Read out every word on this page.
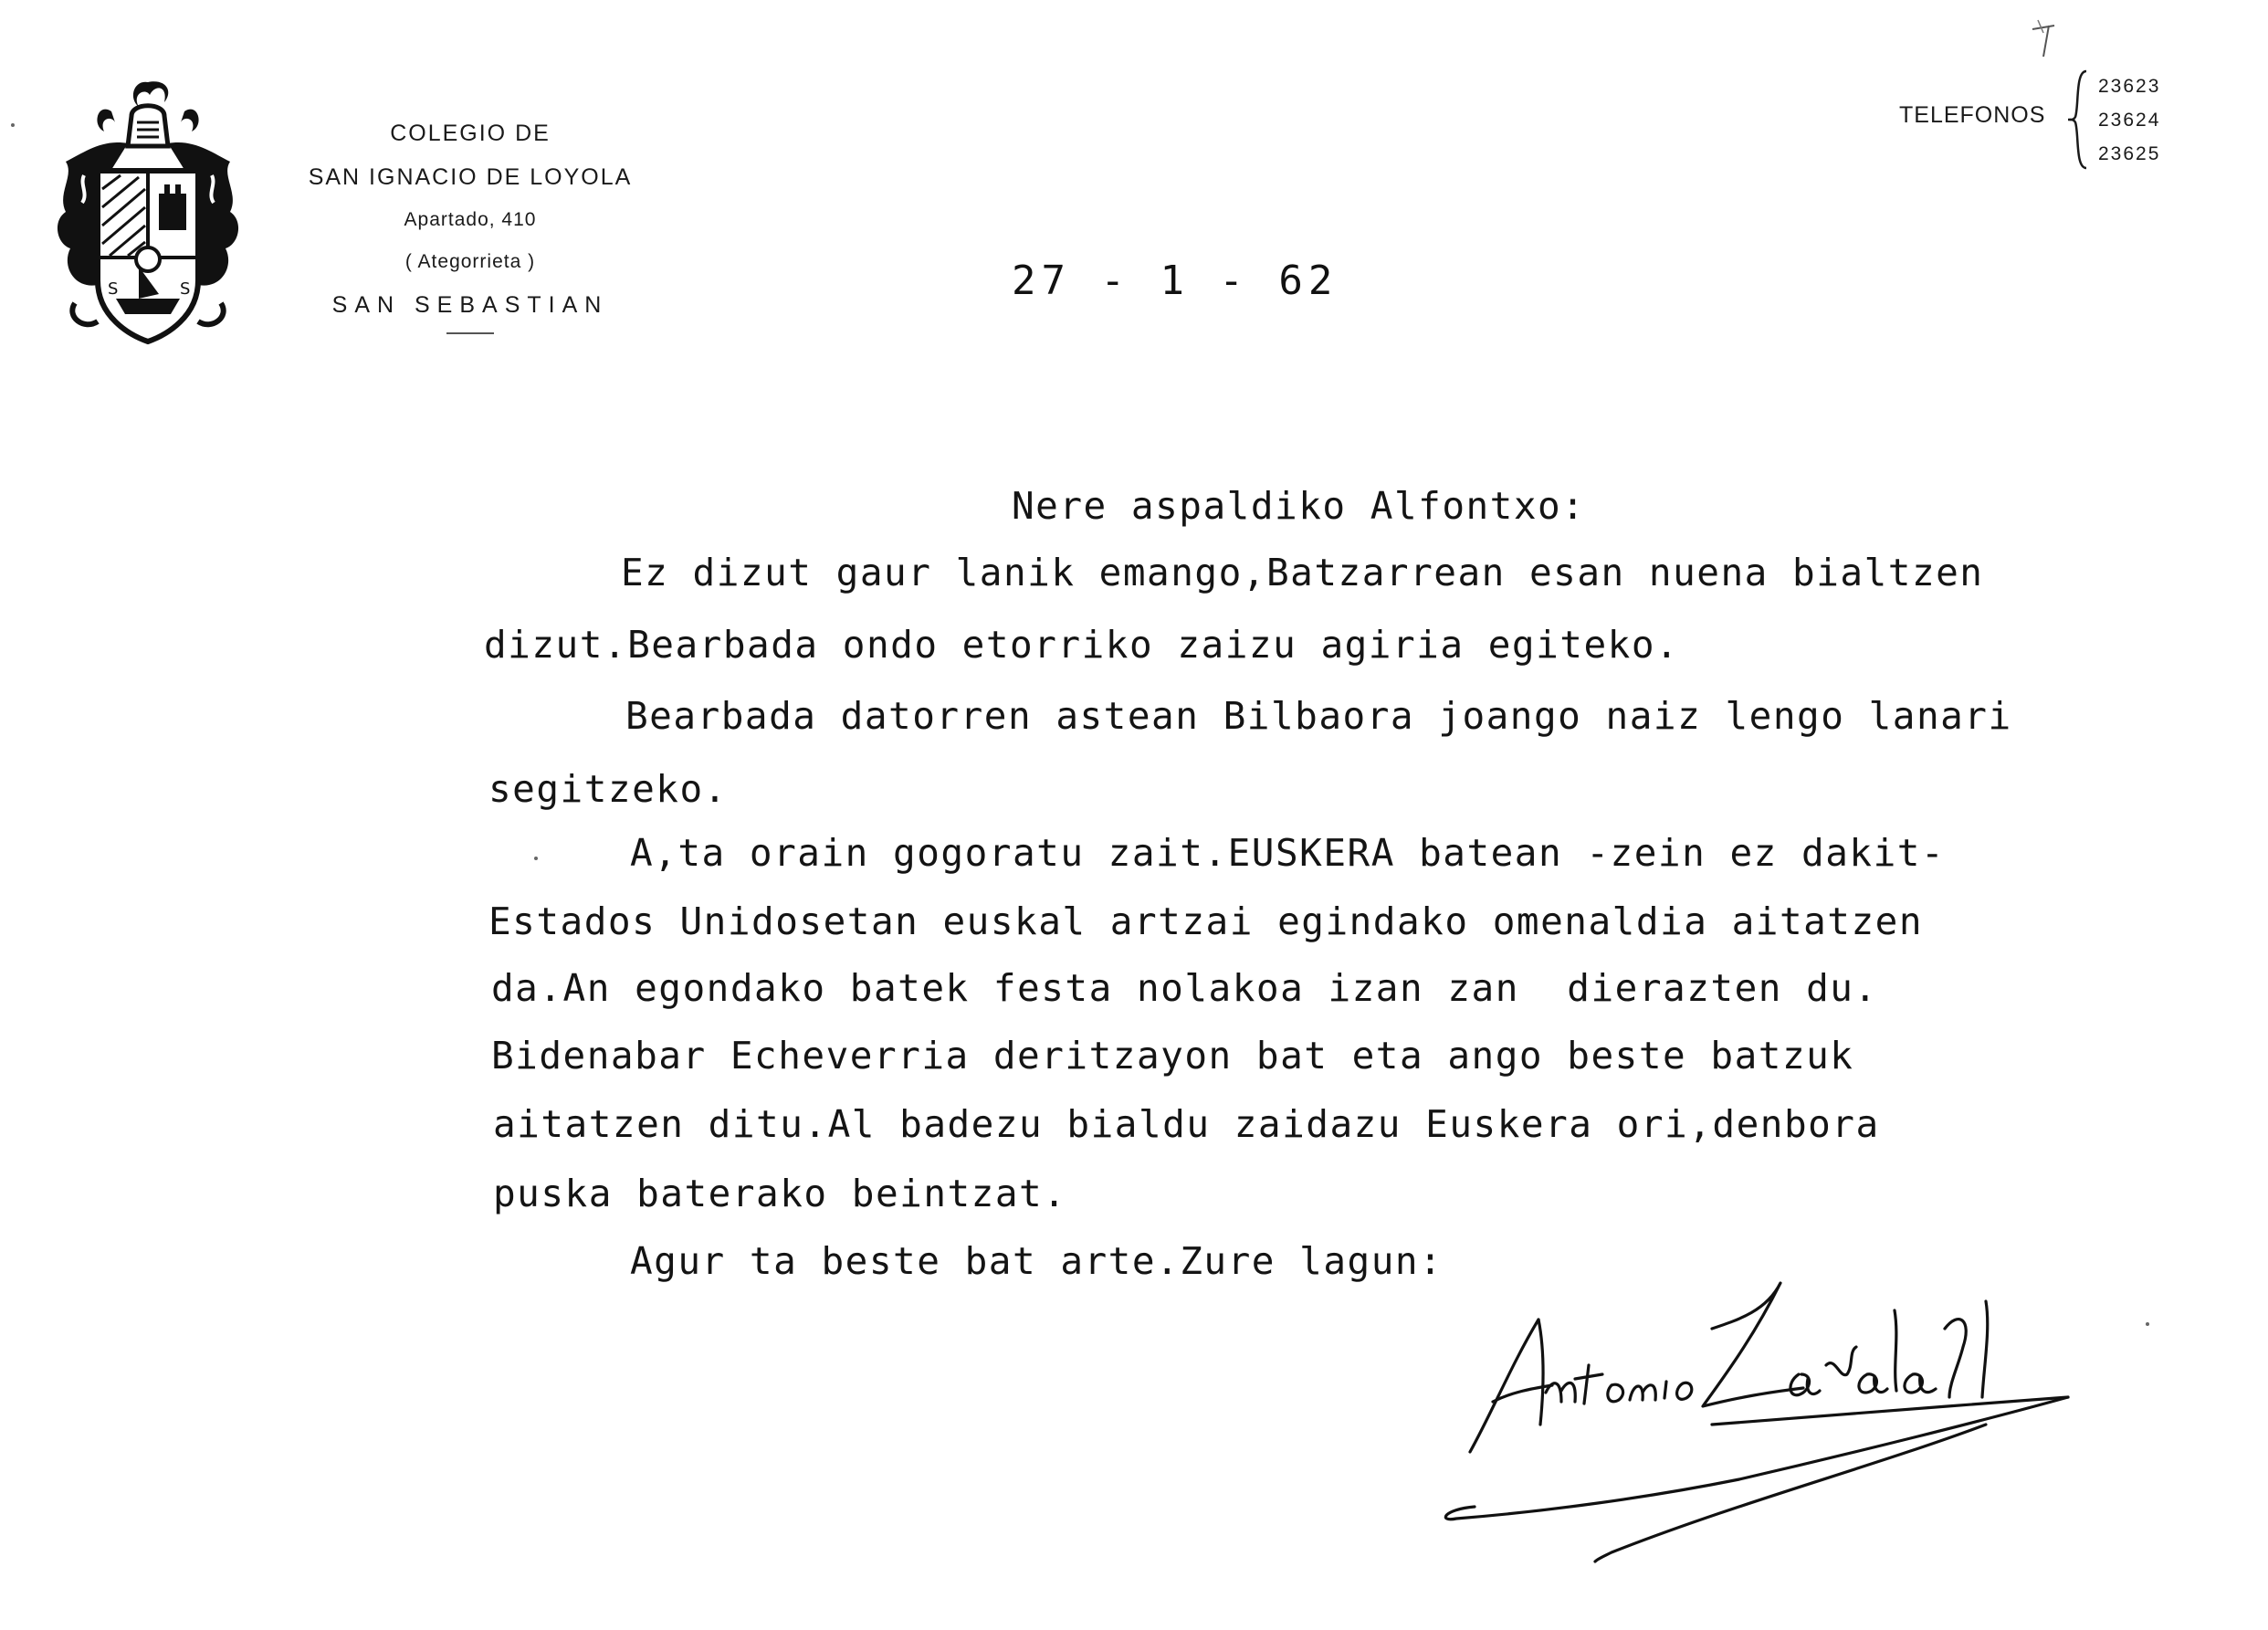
S	S
COLEGIO DE
SAN IGNACIO DE LOYOLA
Apartado, 410
( Ategorrieta )
SAN SEBASTIAN
TELEFONOS
23623
23624
23625
27 - 1 - 62
Nere aspaldiko Alfontxo:
Ez dizut gaur lanik emango,Batzarrean esan nuena bialtzen
dizut.Bearbada ondo etorriko zaizu agiria egiteko.
Bearbada datorren astean Bilbaora joango naiz lengo lanari
segitzeko.
A,ta orain gogoratu zait.EUSKERA batean -zein ez dakit-
Estados Unidosetan euskal artzai egindako omenaldia aitatzen
da.An egondako batek festa nolakoa izan zan  dierazten du.
Bidenabar Echeverria deritzayon bat eta ango beste batzuk
aitatzen ditu.Al badezu bialdu zaidazu Euskera ori,denbora
puska baterako beintzat.
Agur ta beste bat arte.Zure lagun:
